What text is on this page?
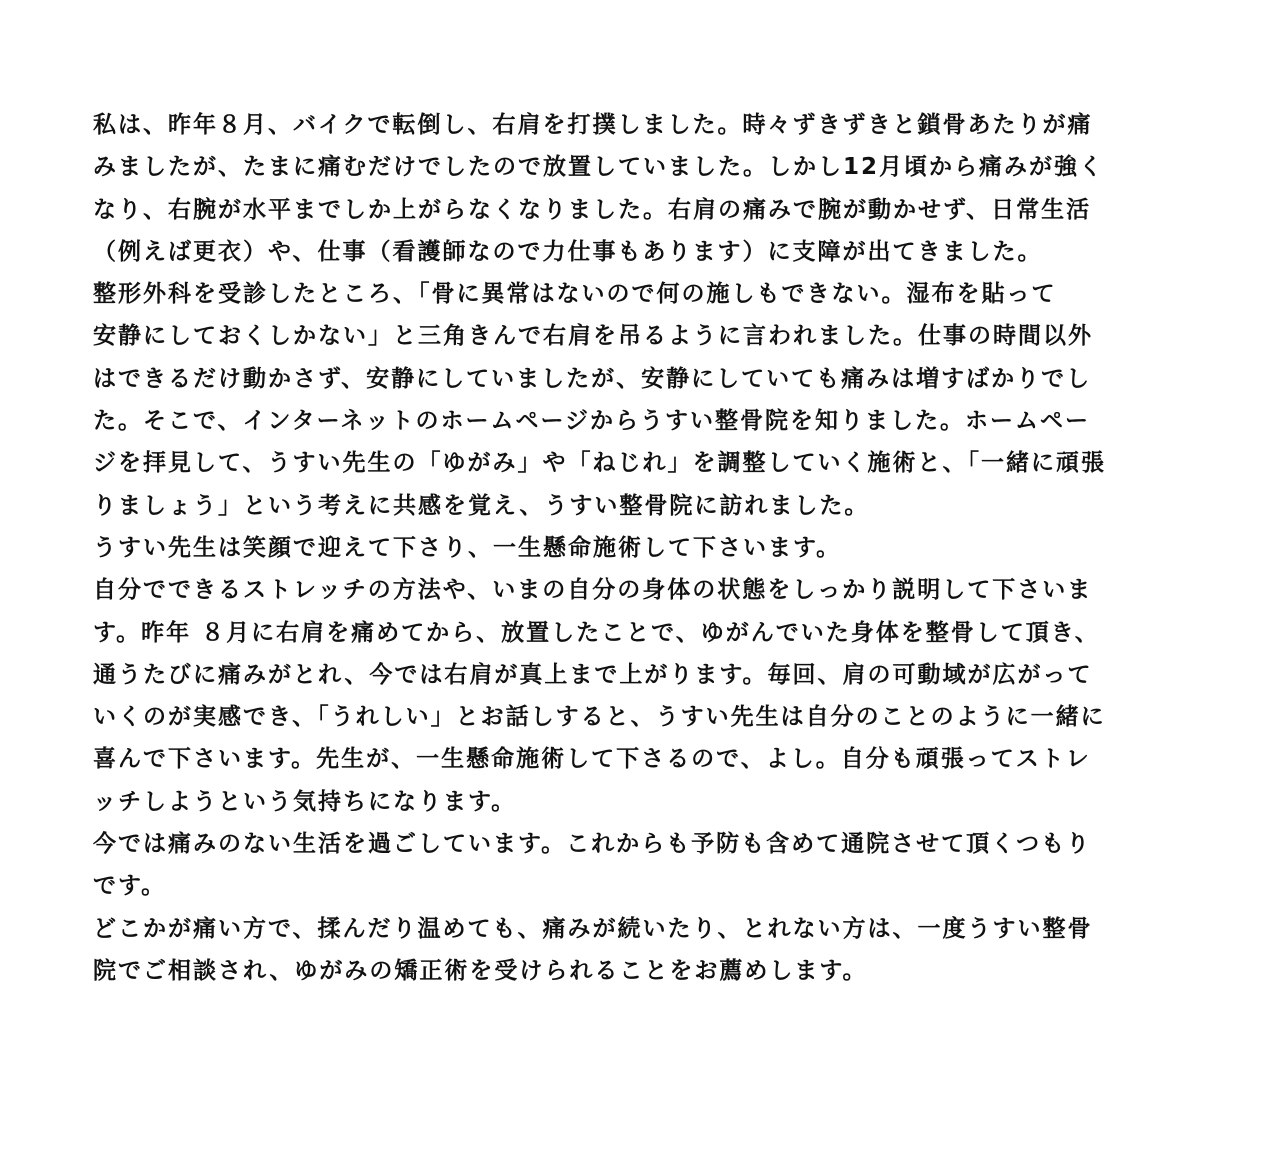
私は、昨年８月、バイクで転倒し、右肩を打撲しました。時々ずきずきと鎖骨あたりが痛
みましたが、たまに痛むだけでしたので放置していました。しかし12月頃から痛みが強く
なり、右腕が水平までしか上がらなくなりました。右肩の痛みで腕が動かせず、日常生活
（例えば更衣）や、仕事（看護師なので力仕事もあります）に支障が出てきました。
整形外科を受診したところ、「骨に異常はないので何の施しもできない。湿布を貼って
安静にしておくしかない」と三角きんで右肩を吊るように言われました。仕事の時間以外
はできるだけ動かさず、安静にしていましたが、安静にしていても痛みは増すばかりでし
た。そこで、インターネットのホームページからうすい整骨院を知りました。ホームペー
ジを拝見して、うすい先生の「ゆがみ」や「ねじれ」を調整していく施術と、「一緒に頑張
りましょう」という考えに共感を覚え、うすい整骨院に訪れました。
うすい先生は笑顔で迎えて下さり、一生懸命施術して下さいます。
自分でできるストレッチの方法や、いまの自分の身体の状態をしっかり説明して下さいま
す。昨年 ８月に右肩を痛めてから、放置したことで、ゆがんでいた身体を整骨して頂き、
通うたびに痛みがとれ、今では右肩が真上まで上がります。毎回、肩の可動域が広がって
いくのが実感でき、「うれしい」とお話しすると、うすい先生は自分のことのように一緒に
喜んで下さいます。先生が、一生懸命施術して下さるので、よし。自分も頑張ってストレ
ッチしようという気持ちになります。
今では痛みのない生活を過ごしています。これからも予防も含めて通院させて頂くつもり
です。
どこかが痛い方で、揉んだり温めても、痛みが続いたり、とれない方は、一度うすい整骨
院でご相談され、ゆがみの矯正術を受けられることをお薦めします。
